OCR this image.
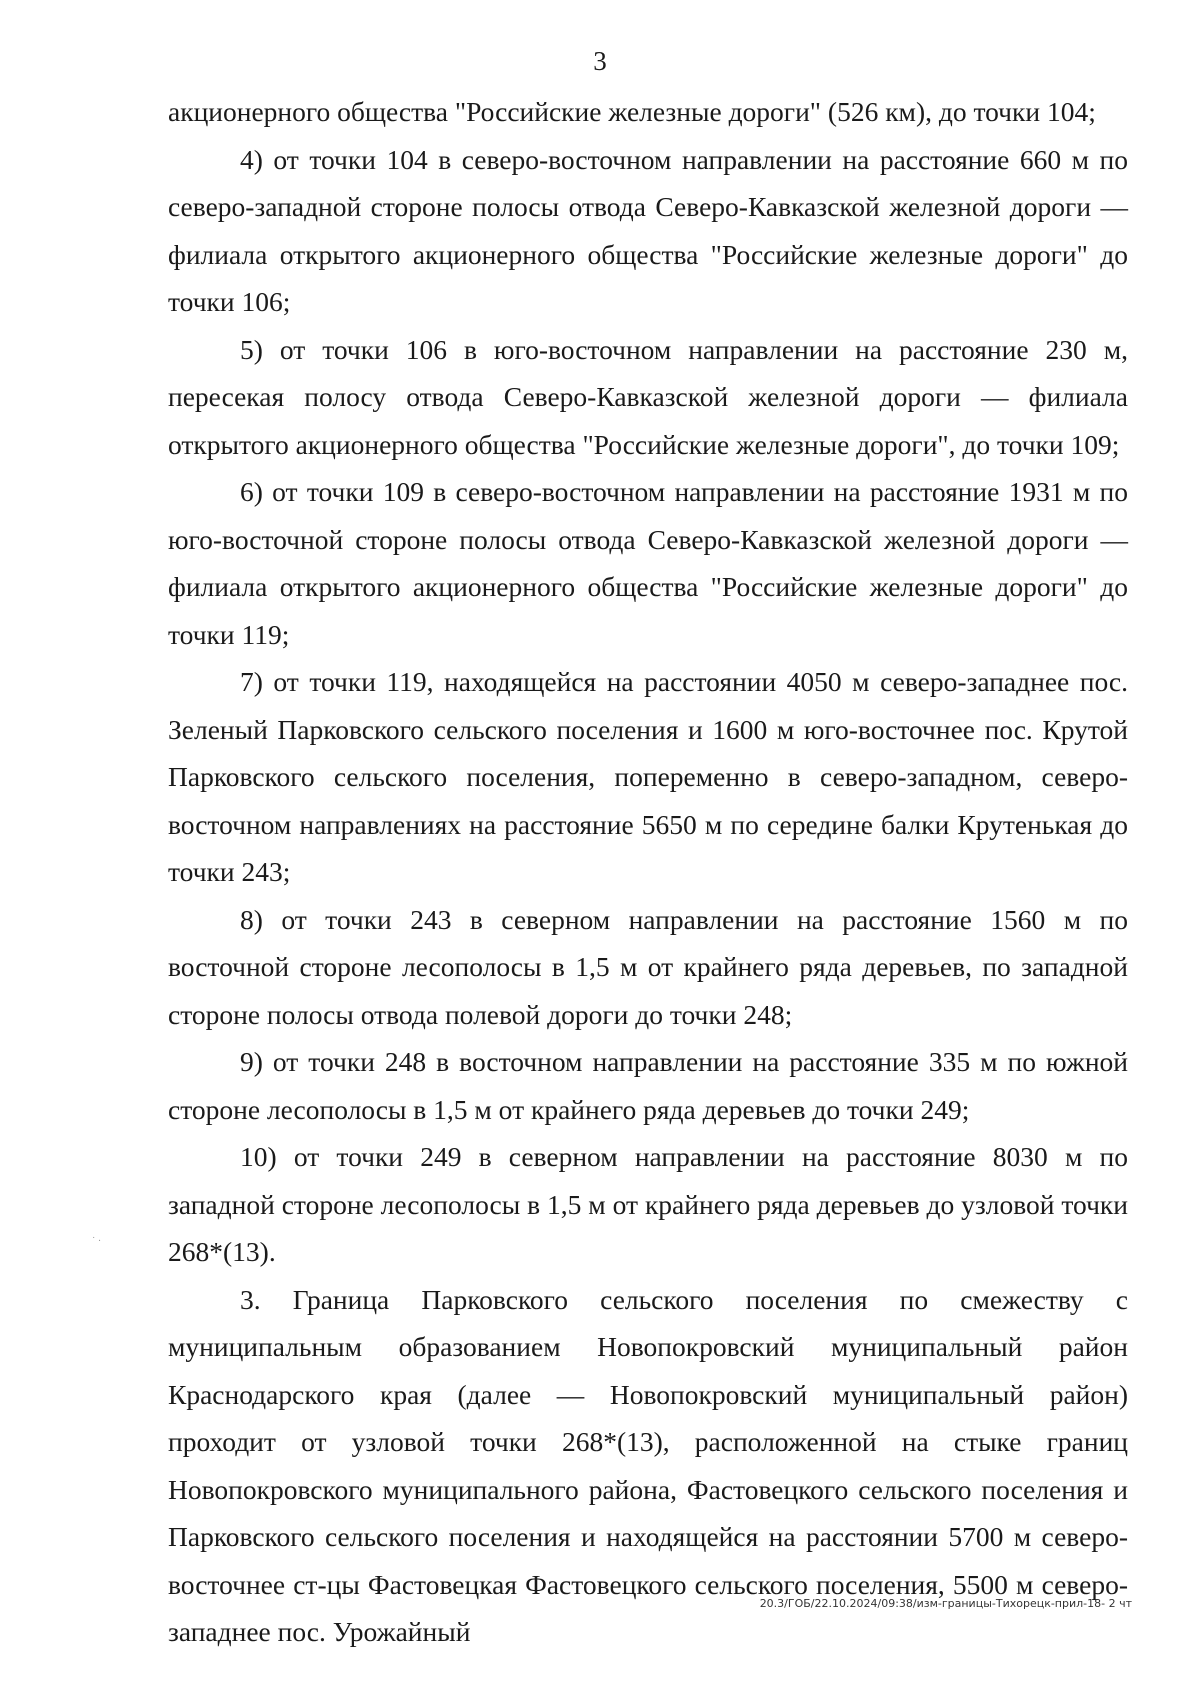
3

акционерного общества "Российские железные дороги" (526 км), до точки 104;

4) от точки 104 в северо-восточном направлении на расстояние 660 м по северо-западной стороне полосы отвода Северо-Кавказской железной дороги — филиала открытого акционерного общества "Российские железные дороги" до точки 106;

5) от точки 106 в юго-восточном направлении на расстояние 230 м, пересекая полосу отвода Северо-Кавказской железной дороги — филиала открытого акционерного общества "Российские железные дороги", до точки 109;

6) от точки 109 в северо-восточном направлении на расстояние 1931 м по юго-восточной стороне полосы отвода Северо-Кавказской железной дороги — филиала открытого акционерного общества "Российские железные дороги" до точки 119;

7) от точки 119, находящейся на расстоянии 4050 м северо-западнее пос. Зеленый Парковского сельского поселения и 1600 м юго-восточнее пос. Крутой Парковского сельского поселения, попеременно в северо-западном, северо-восточном направлениях на расстояние 5650 м по середине балки Крутенькая до точки 243;

8) от точки 243 в северном направлении на расстояние 1560 м по восточной стороне лесополосы в 1,5 м от крайнего ряда деревьев, по западной стороне полосы отвода полевой дороги до точки 248;

9) от точки 248 в восточном направлении на расстояние 335 м по южной стороне лесополосы в 1,5 м от крайнего ряда деревьев до точки 249;

10) от точки 249 в северном направлении на расстояние 8030 м по западной стороне лесополосы в 1,5 м от крайнего ряда деревьев до узловой точки 268*(13).

3. Граница Парковского сельского поселения по смежеству с муниципальным образованием Новопокровский муниципальный район Краснодарского края (далее — Новопокровский муниципальный район) проходит от узловой точки 268*(13), расположенной на стыке границ Новопокровского муниципального района, Фастовецкого сельского поселения и Парковского сельского поселения и находящейся на расстоянии 5700 м северо-восточнее ст-цы Фастовецкая Фастовецкого сельского поселения, 5500 м северо-западнее пос. Урожайный

20.3/ГОБ/22.10.2024/09:38/изм-границы-Тихорецк-прил-18- 2 чт
˙ ·
